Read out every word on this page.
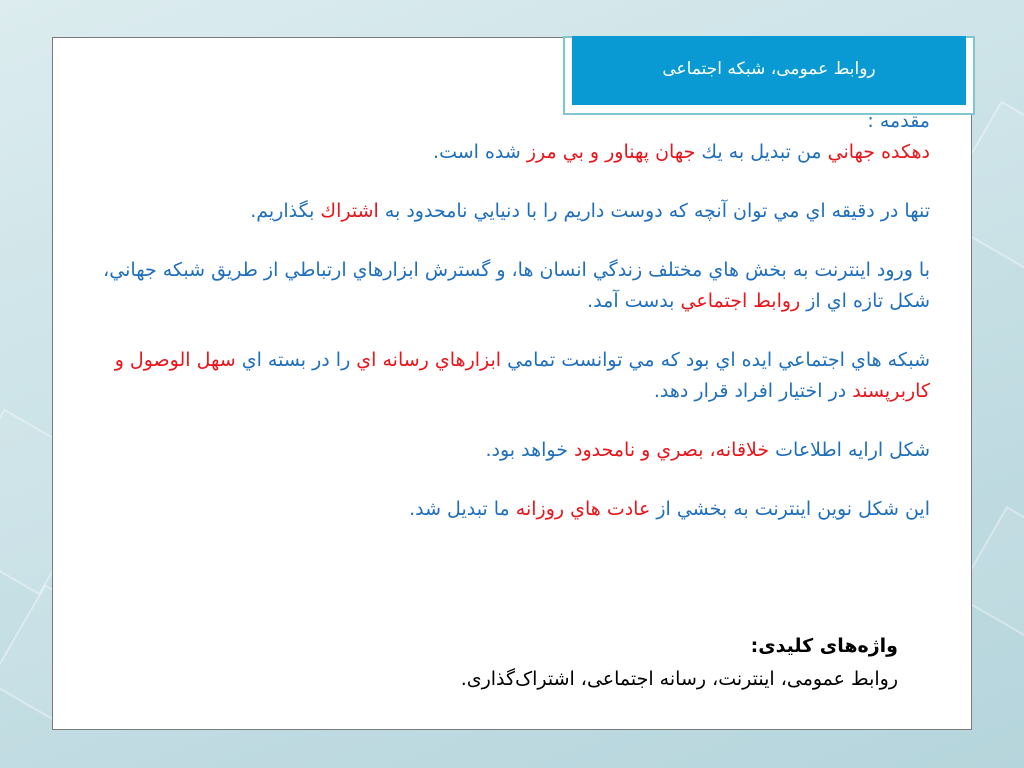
روابط عمومی، شبکه اجتماعی

مقدمه :

دهكده جهاني من تبديل به يك جهان پهناور و بي مرز شده است.

تنها در دقيقه اي مي توان آنچه كه دوست داريم را با دنيايي نامحدود به اشتراك بگذاريم.

با ورود اينترنت به بخش هاي مختلف زندگي انسان ها، و گسترش ابزارهاي ارتباطي از طريق شبكه جهاني، شكل تازه اي از روابط اجتماعي بدست آمد.

شبكه هاي اجتماعي ايده اي بود كه مي توانست تمامي ابزارهاي رسانه اي را در بسته اي سهل الوصول و كاربرپسند در اختيار افراد قرار دهد.

شكل ارايه اطلاعات خلاقانه، بصري و نامحدود خواهد بود.

اين شكل نوين اينترنت به بخشي از عادت هاي روزانه ما تبديل شد.

واژه‌های کلیدی:
روابط عمومی، اینترنت، رسانه اجتماعی، اشتراک‌گذاری.
